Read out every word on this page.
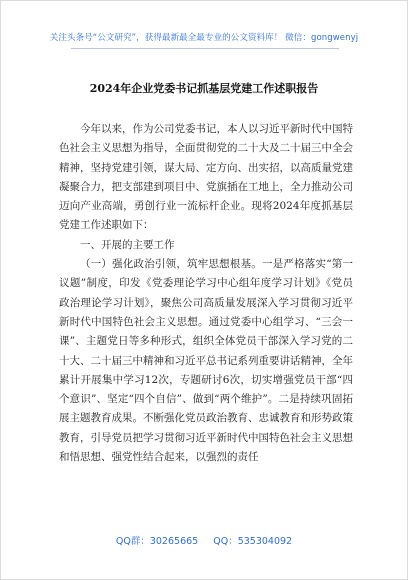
关注头条号“公文研究”，获得最新最全最专业的公文资料库！ 微信：gongwenyj
2024年企业党委书记抓基层党建工作述职报告

今年以来，作为公司党委书记，本人以习近平新时代中国特色社会主义思想为指导，全面贯彻党的二十大及二十届三中全会精神，坚持党建引领，谋大局、定方向、出实招，以高质量党建凝聚合力，把支部建到项目中、党旗插在工地上，全力推动公司迈向产业高端，勇创行业一流标杆企业。现将2024年度抓基层党建工作述职如下：

一、开展的主要工作

（一）强化政治引领，筑牢思想根基。一是严格落实“第一议题”制度，印发《党委理论学习中心组年度学习计划》《党员政治理论学习计划》，聚焦公司高质量发展深入学习贯彻习近平新时代中国特色社会主义思想。通过党委中心组学习、“三会一课”、主题党日等多种形式，组织全体党员干部深入学习党的二十大、二十届三中精神和习近平总书记系列重要讲话精神，全年累计开展集中学习12次，专题研讨6次，切实增强党员干部“四个意识”、坚定“四个自信”、做到“两个维护”。二是持续巩固拓展主题教育成果。不断强化党员政治教育、忠诚教育和形势政策教育，引导党员把学习贯彻习近平新时代中国特色社会主义思想和悟思想、强党性结合起来，以强烈的责任

QQ群：30265665 QQ：535304092
